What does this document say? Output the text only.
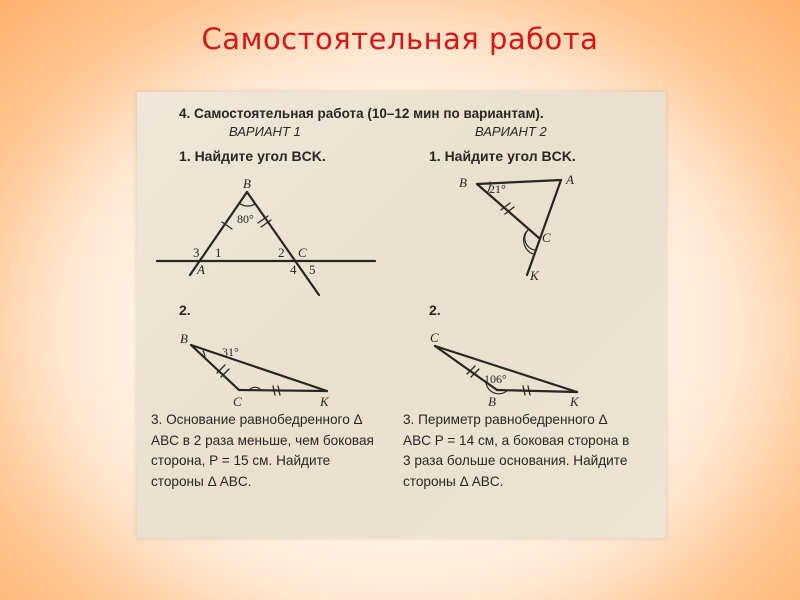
Самостоятельная работа
4. Самостоятельная работа (10–12 мин по вариантам).
ВАРИАНТ 1	ВАРИАНТ 2
1. Найдите угол BCK.	1. Найдите угол BCK.
2.	2.
3. Основание равнобедренного Δ ABC в 2 раза меньше, чем боковая сторона, P = 15 см. Найдите стороны Δ ABC.
3. Периметр равнобедренного Δ ABC P = 14 см, а боковая сторона в 3 раза больше основания. Найдите стороны Δ ABC.
B
80°
3 1
A
2 C
4 5
B 21°
A
C
K
B
31°
C	K
C
106°
B	K
